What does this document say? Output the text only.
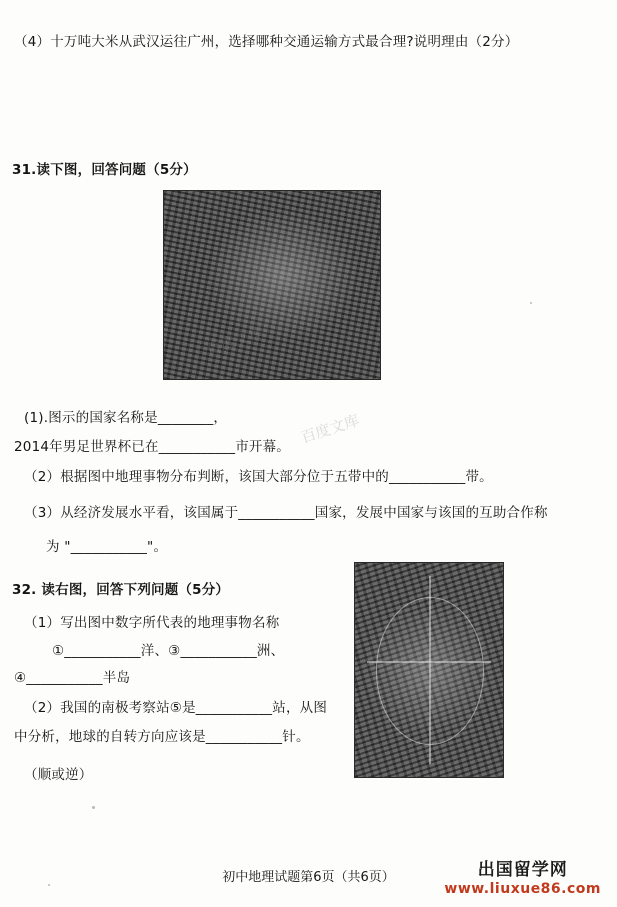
（4）十万吨大米从武汉运往广州，选择哪种交通运输方式最合理?说明理由（2分）
31.读下图，回答问题（5分）
百度文库
百度文库
(1).图示的国家名称是________，
2014年男足世界杯已在___________市开幕。
（2）根据图中地理事物分布判断，该国大部分位于五带中的___________带。
（3）从经济发展水平看，该国属于___________国家，发展中国家与该国的互助合作称
为 "___________"。
32. 读右图，回答下列问题（5分）
（1）写出图中数字所代表的地理事物名称
①___________洋、③___________洲、
④___________半岛
（2）我国的南极考察站⑤是___________站，从图
中分析，地球的自转方向应该是___________针。
（顺或逆）
初中地理试题第6页（共6页）	出国留学网
www.liuxue86.com
